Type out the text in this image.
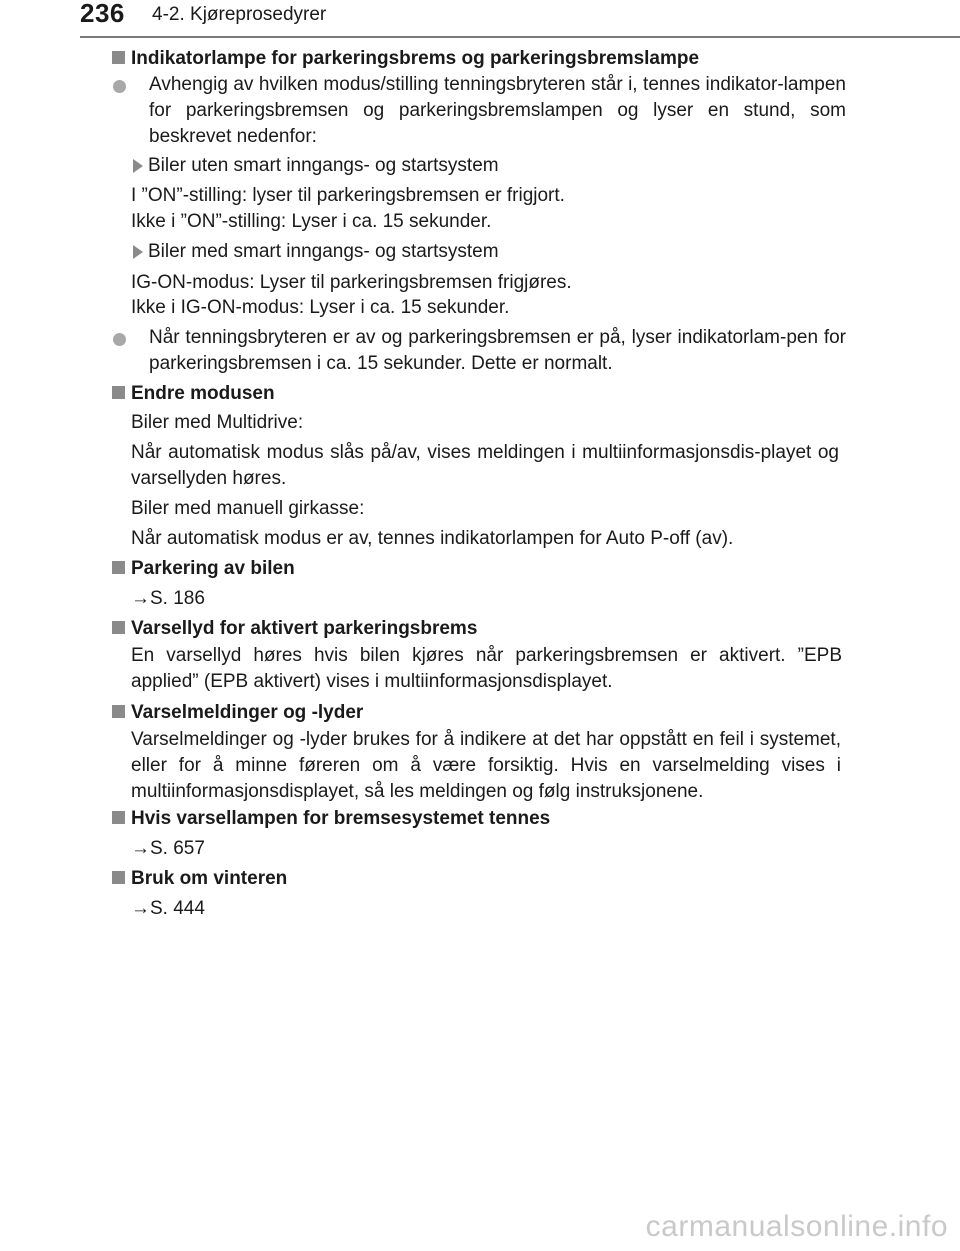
236 4-2. Kjøreprosedyrer
Indikatorlampe for parkeringsbrems og parkeringsbremslampe

Avhengig av hvilken modus/stilling tenningsbryteren står i, tennes indikator-lampen for parkeringsbremsen og parkeringsbremslampen og lyser en stund, som beskrevet nedenfor:

Biler uten smart inngangs- og startsystem

I ”ON”-stilling: lyser til parkeringsbremsen er frigjort.

Ikke i ”ON”-stilling: Lyser i ca. 15 sekunder.

Biler med smart inngangs- og startsystem

IG-ON-modus: Lyser til parkeringsbremsen frigjøres.

Ikke i IG-ON-modus: Lyser i ca. 15 sekunder.

Når tenningsbryteren er av og parkeringsbremsen er på, lyser indikatorlam-pen for parkeringsbremsen i ca. 15 sekunder. Dette er normalt.

Endre modusen

Biler med Multidrive:

Når automatisk modus slås på/av, vises meldingen i multiinformasjonsdis-playet og varsellyden høres.

Biler med manuell girkasse:

Når automatisk modus er av, tennes indikatorlampen for Auto P-off (av).

Parkering av bilen

→S. 186

Varsellyd for aktivert parkeringsbrems

En varsellyd høres hvis bilen kjøres når parkeringsbremsen er aktivert. ”EPB applied” (EPB aktivert) vises i multiinformasjonsdisplayet.

Varselmeldinger og -lyder

Varselmeldinger og -lyder brukes for å indikere at det har oppstått en feil i systemet, eller for å minne føreren om å være forsiktig. Hvis en varselmelding vises i multiinformasjonsdisplayet, så les meldingen og følg instruksjonene.

Hvis varsellampen for bremsesystemet tennes

→S. 657

Bruk om vinteren

→S. 444

carmanualsonline.info
